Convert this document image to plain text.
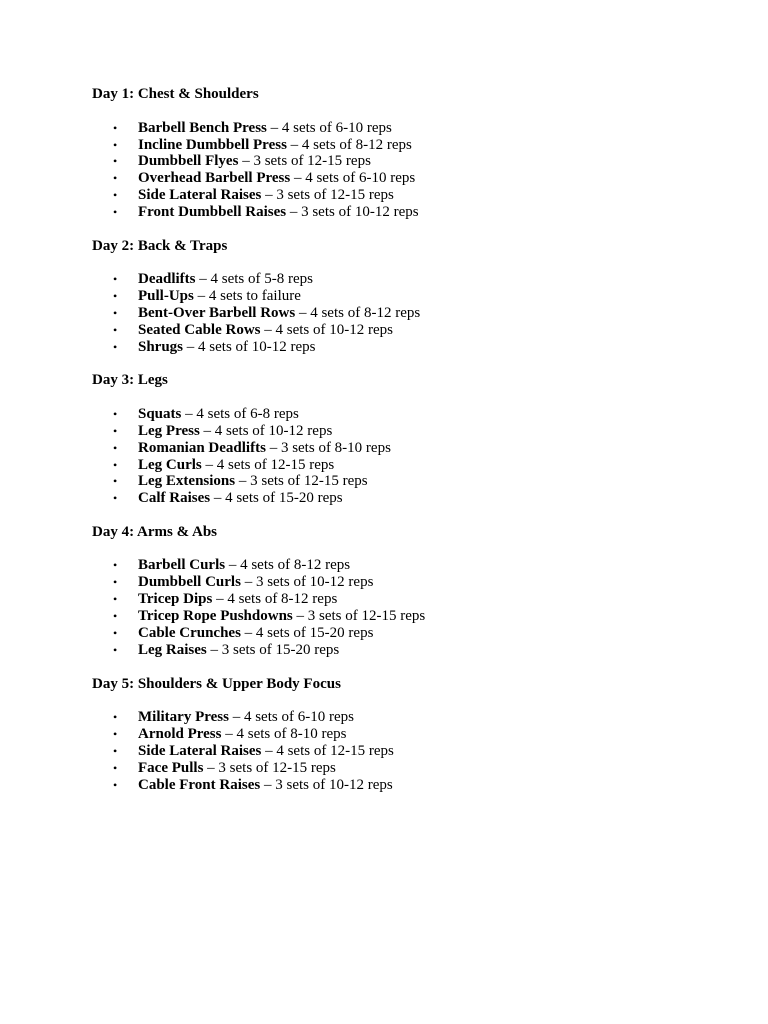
Day 1: Chest & Shoulders
• Barbell Bench Press – 4 sets of 6-10 reps
• Incline Dumbbell Press – 4 sets of 8-12 reps
• Dumbbell Flyes – 3 sets of 12-15 reps
• Overhead Barbell Press – 4 sets of 6-10 reps
• Side Lateral Raises – 3 sets of 12-15 reps
• Front Dumbbell Raises – 3 sets of 10-12 reps
Day 2: Back & Traps
• Deadlifts – 4 sets of 5-8 reps
• Pull-Ups – 4 sets to failure
• Bent-Over Barbell Rows – 4 sets of 8-12 reps
• Seated Cable Rows – 4 sets of 10-12 reps
• Shrugs – 4 sets of 10-12 reps
Day 3: Legs
• Squats – 4 sets of 6-8 reps
• Leg Press – 4 sets of 10-12 reps
• Romanian Deadlifts – 3 sets of 8-10 reps
• Leg Curls – 4 sets of 12-15 reps
• Leg Extensions – 3 sets of 12-15 reps
• Calf Raises – 4 sets of 15-20 reps
Day 4: Arms & Abs
• Barbell Curls – 4 sets of 8-12 reps
• Dumbbell Curls – 3 sets of 10-12 reps
• Tricep Dips – 4 sets of 8-12 reps
• Tricep Rope Pushdowns – 3 sets of 12-15 reps
• Cable Crunches – 4 sets of 15-20 reps
• Leg Raises – 3 sets of 15-20 reps
Day 5: Shoulders & Upper Body Focus
• Military Press – 4 sets of 6-10 reps
• Arnold Press – 4 sets of 8-10 reps
• Side Lateral Raises – 4 sets of 12-15 reps
• Face Pulls – 3 sets of 12-15 reps
• Cable Front Raises – 3 sets of 10-12 reps
